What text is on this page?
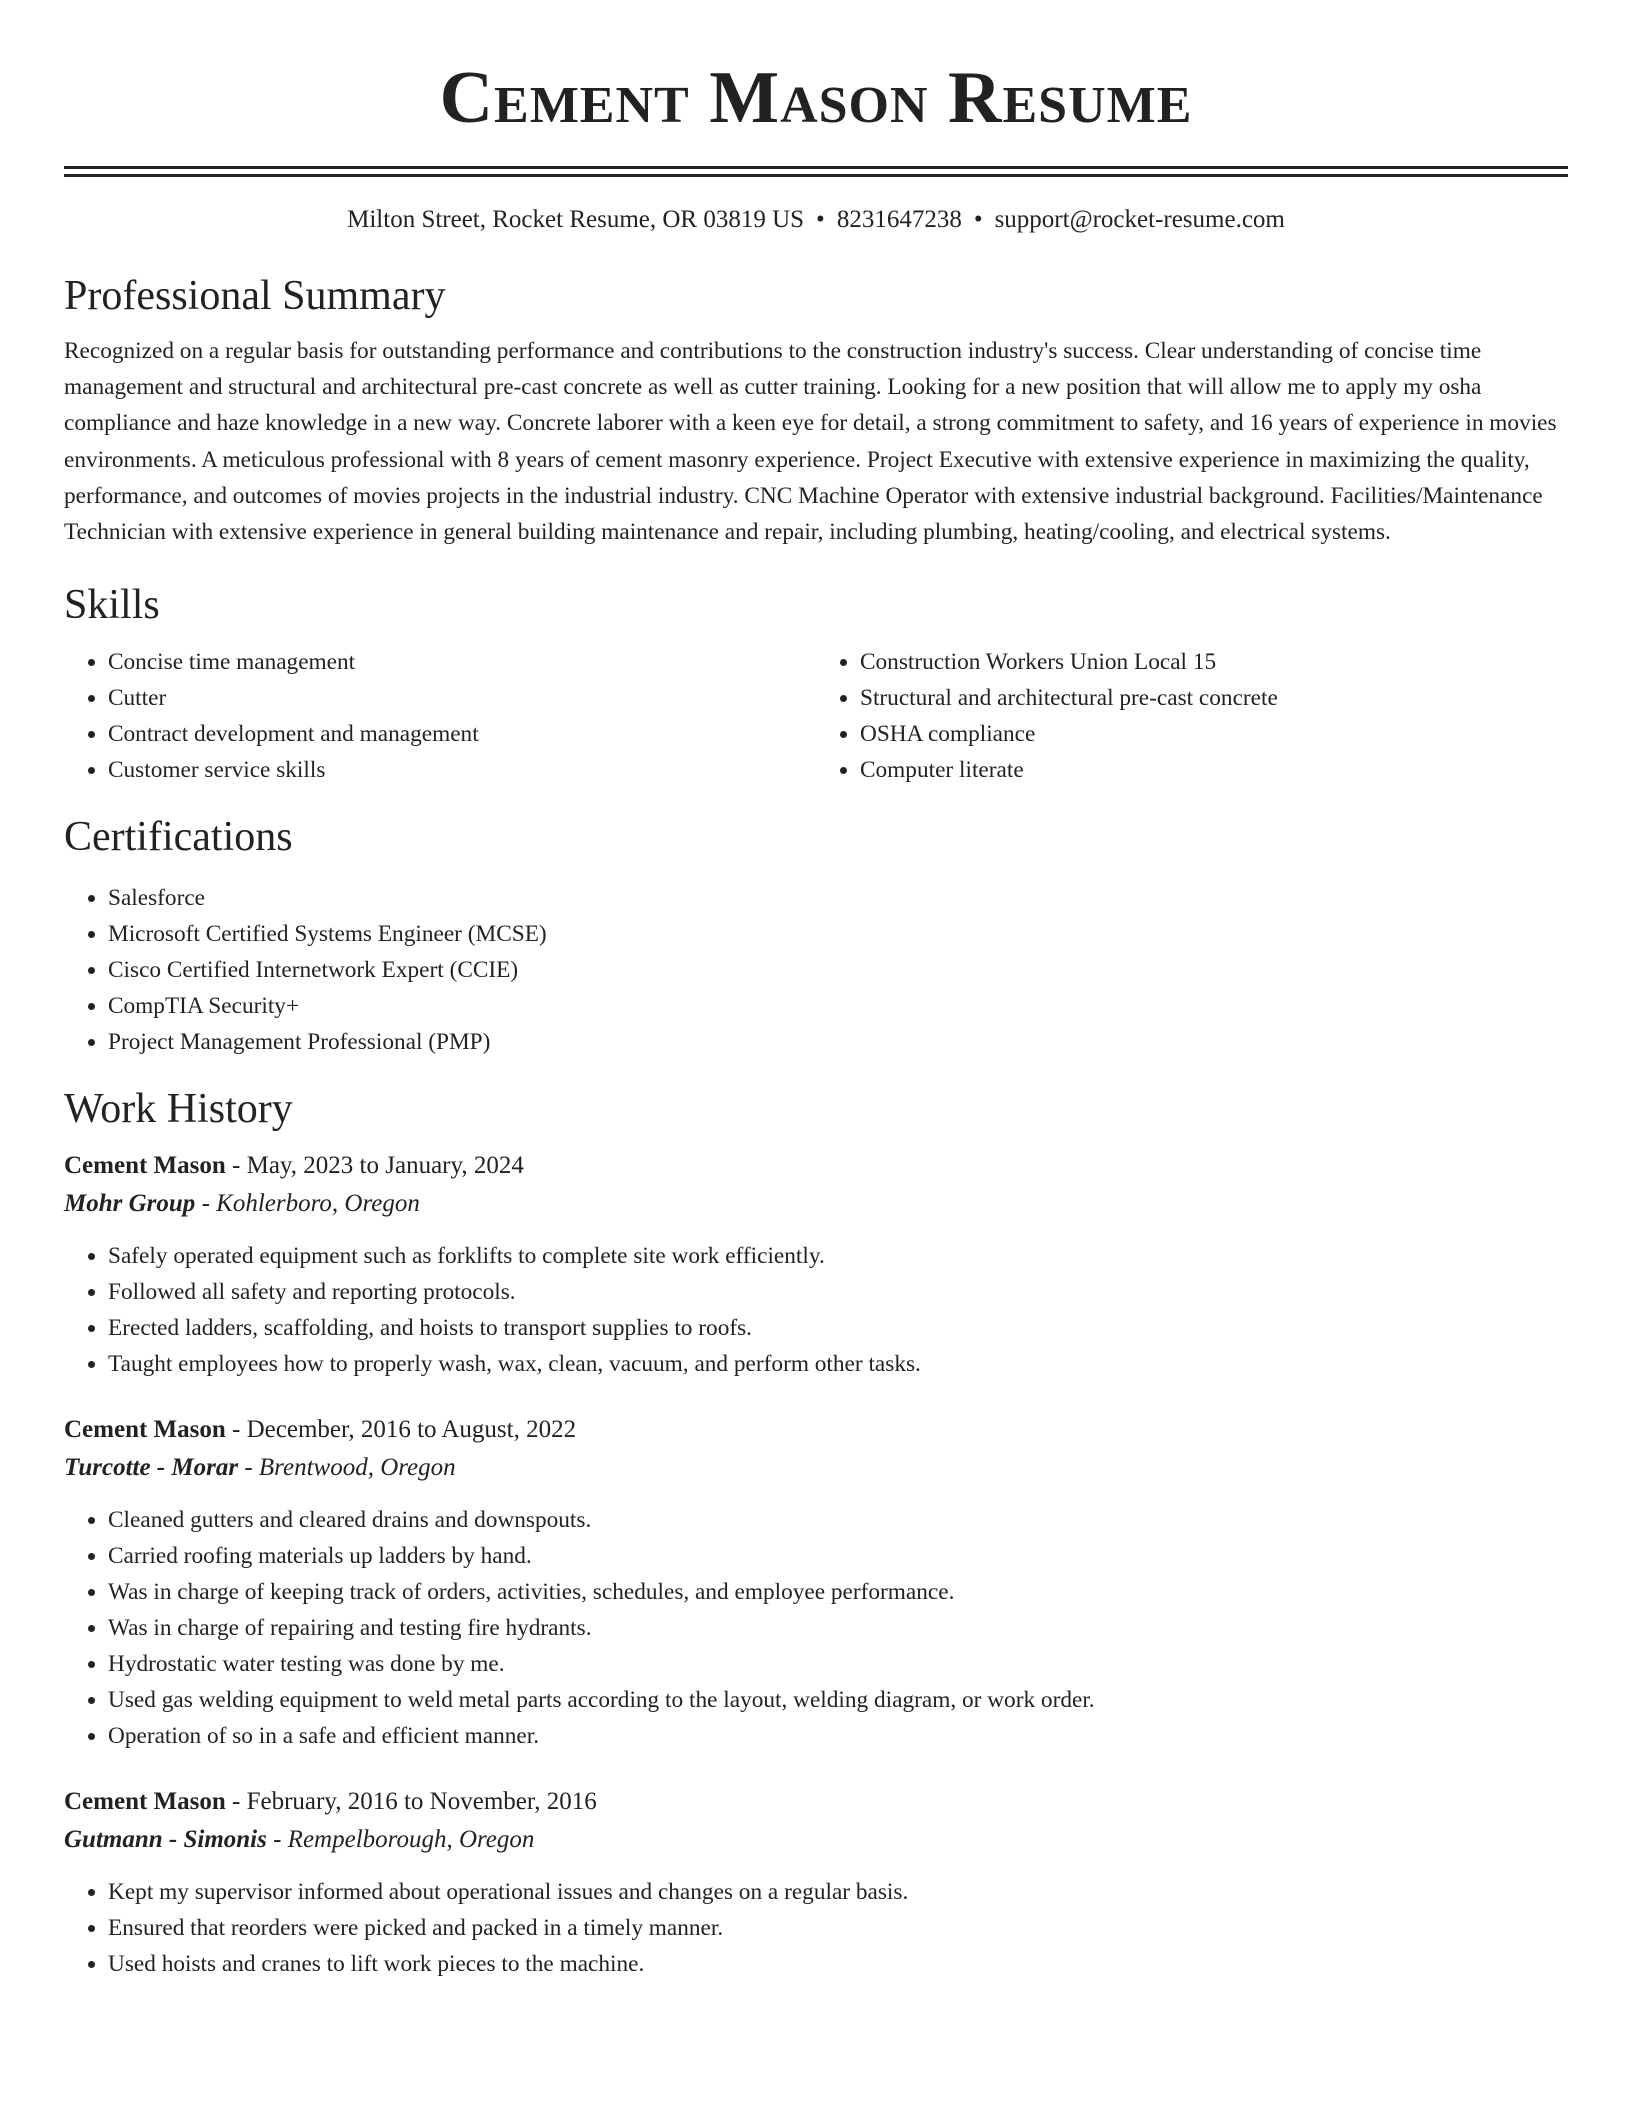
Cement Mason Resume
Milton Street, Rocket Resume, OR 03819 US • 8231647238 • support@rocket-resume.com
Professional Summary
Recognized on a regular basis for outstanding performance and contributions to the construction industry's success. Clear understanding of concise time management and structural and architectural pre-cast concrete as well as cutter training. Looking for a new position that will allow me to apply my osha compliance and haze knowledge in a new way. Concrete laborer with a keen eye for detail, a strong commitment to safety, and 16 years of experience in movies environments. A meticulous professional with 8 years of cement masonry experience. Project Executive with extensive experience in maximizing the quality, performance, and outcomes of movies projects in the industrial industry. CNC Machine Operator with extensive industrial background. Facilities/Maintenance Technician with extensive experience in general building maintenance and repair, including plumbing, heating/cooling, and electrical systems.
Skills
• Concise time management
• Cutter
• Contract development and management
• Customer service skills
• Construction Workers Union Local 15
• Structural and architectural pre-cast concrete
• OSHA compliance
• Computer literate
Certifications
• Salesforce
• Microsoft Certified Systems Engineer (MCSE)
• Cisco Certified Internetwork Expert (CCIE)
• CompTIA Security+
• Project Management Professional (PMP)
Work History
Cement Mason - May, 2023 to January, 2024
Mohr Group - Kohlerboro, Oregon
• Safely operated equipment such as forklifts to complete site work efficiently.
• Followed all safety and reporting protocols.
• Erected ladders, scaffolding, and hoists to transport supplies to roofs.
• Taught employees how to properly wash, wax, clean, vacuum, and perform other tasks.
Cement Mason - December, 2016 to August, 2022
Turcotte - Morar - Brentwood, Oregon
• Cleaned gutters and cleared drains and downspouts.
• Carried roofing materials up ladders by hand.
• Was in charge of keeping track of orders, activities, schedules, and employee performance.
• Was in charge of repairing and testing fire hydrants.
• Hydrostatic water testing was done by me.
• Used gas welding equipment to weld metal parts according to the layout, welding diagram, or work order.
• Operation of so in a safe and efficient manner.
Cement Mason - February, 2016 to November, 2016
Gutmann - Simonis - Rempelborough, Oregon
• Kept my supervisor informed about operational issues and changes on a regular basis.
• Ensured that reorders were picked and packed in a timely manner.
• Used hoists and cranes to lift work pieces to the machine.
